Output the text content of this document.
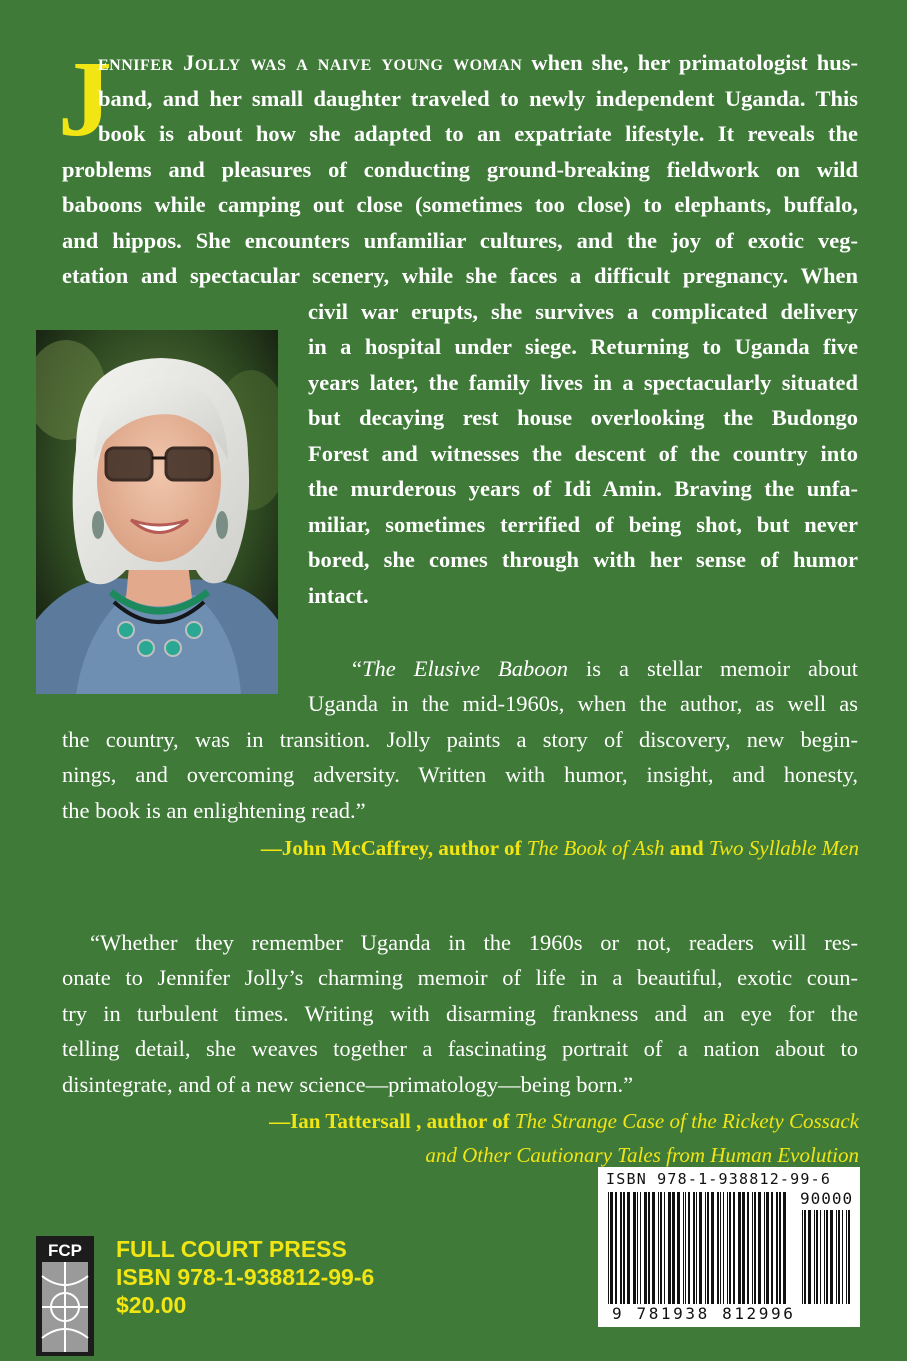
J
ennifer Jolly was a naive young woman when she, her primatologist hus-
band, and her small daughter traveled to newly independent Uganda. This
book is about how she adapted to an expatriate lifestyle. It reveals the
problems and pleasures of conducting ground-breaking fieldwork on wild
baboons while camping out close (sometimes too close) to elephants, buffalo,
and hippos. She encounters unfamiliar cultures, and the joy of exotic veg-
etation and spectacular scenery, while she faces a difficult pregnancy. When
civil war erupts, she survives a complicated delivery
in a hospital under siege. Returning to Uganda five
years later, the family lives in a spectacularly situated
but decaying rest house overlooking the Budongo
Forest and witnesses the descent of the country into
the murderous years of Idi Amin. Braving the unfa-
miliar, sometimes terrified of being shot, but never
bored, she comes through with her sense of humor
intact.
“The Elusive Baboon is a stellar memoir about
Uganda in the mid-1960s, when the author, as well as
the country, was in transition. Jolly paints a story of discovery, new begin-
nings, and overcoming adversity. Written with humor, insight, and honesty,
the book is an enlightening read.”
—John McCaffrey, author of The Book of Ash and Two Syllable Men
“Whether they remember Uganda in the 1960s or not, readers will res-
onate to Jennifer Jolly’s charming memoir of life in a beautiful, exotic coun-
try in turbulent times. Writing with disarming frankness and an eye for the
telling detail, she weaves together a fascinating portrait of a nation about to
disintegrate, and of a new science—primatology—being born.”
—Ian Tattersall , author of The Strange Case of the Rickety Cossack
and Other Cautionary Tales from Human Evolution
FCP FULL COURT PRESS
ISBN 978-1-938812-99-6
$20.00
ISBN 978-1-938812-99-6
90000
9 781938 812996
